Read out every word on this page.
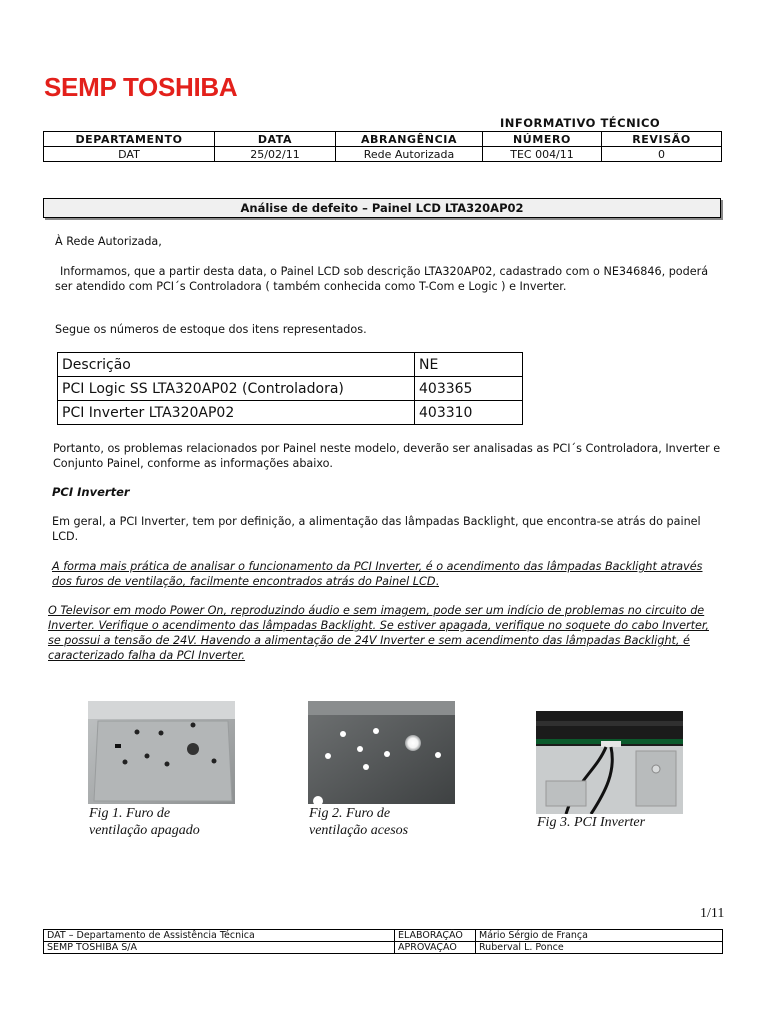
SEMP TOSHIBA
INFORMATIVO TÉCNICO
DEPARTAMENTO	DATA	ABRANGÊNCIA	NÚMERO	REVISÃO
DAT	25/02/11	Rede Autorizada	TEC 004/11	0
Análise de defeito – Painel LCD LTA320AP02
À Rede Autorizada,
Informamos, que a partir desta data, o Painel LCD sob descrição LTA320AP02, cadastrado com o NE346846, poderá ser atendido com PCI´s Controladora ( também conhecida como T-Com e Logic ) e Inverter.
Segue os números de estoque dos itens representados.
Descrição	NE
PCI Logic SS LTA320AP02 (Controladora)	403365
PCI Inverter LTA320AP02	403310
Portanto, os problemas relacionados por Painel neste modelo, deverão ser analisadas as PCI´s Controladora, Inverter e Conjunto Painel, conforme as informações abaixo.
PCI Inverter
Em geral, a PCI Inverter, tem por definição, a alimentação das lâmpadas Backlight, que encontra-se atrás do painel LCD.
A forma mais prática de analisar o funcionamento da PCI Inverter, é o acendimento das lâmpadas Backlight através dos furos de ventilação, facilmente encontrados atrás do Painel LCD.
O Televisor em modo Power On, reproduzindo áudio e sem imagem, pode ser um indício de problemas no circuito de Inverter. Verifique o acendimento das lâmpadas Backlight. Se estiver apagada, verifique no soquete do cabo Inverter, se possui a tensão de 24V. Havendo a alimentação de 24V Inverter e sem acendimento das lâmpadas Backlight, é caracterizado falha da PCI Inverter.
Fig 1. Furo de ventilação apagado
Fig 2. Furo de ventilação acesos
Fig 3. PCI Inverter
1/11
DAT – Departamento de Assistência Técnica	ELABORAÇÃO	Mário Sérgio de França
SEMP TOSHIBA S/A	APROVAÇÃO	Ruberval L. Ponce
